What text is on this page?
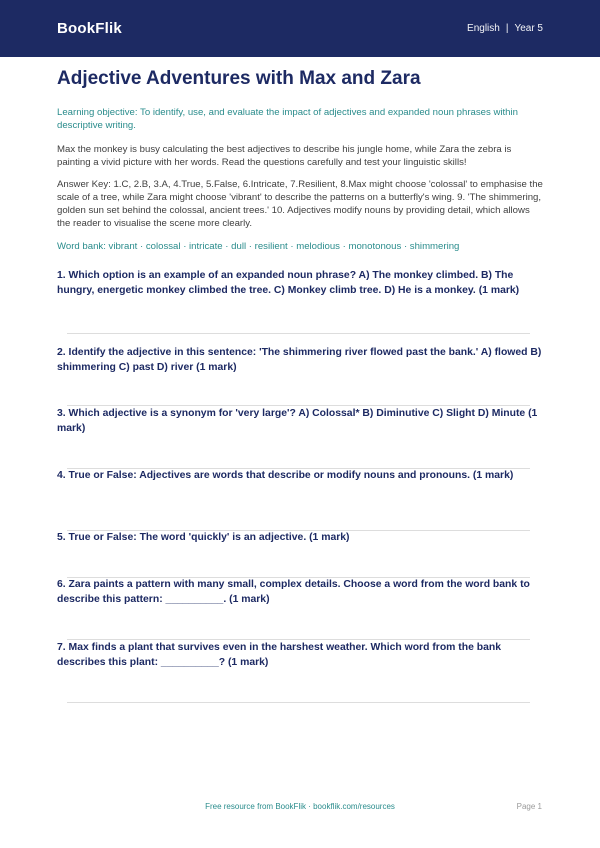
BookFlik	English | Year 5
Adjective Adventures with Max and Zara
Learning objective: To identify, use, and evaluate the impact of adjectives and expanded noun phrases within descriptive writing.
Max the monkey is busy calculating the best adjectives to describe his jungle home, while Zara the zebra is painting a vivid picture with her words. Read the questions carefully and test your linguistic skills!
Answer Key: 1.C, 2.B, 3.A, 4.True, 5.False, 6.Intricate, 7.Resilient, 8.Max might choose 'colossal' to emphasise the scale of a tree, while Zara might choose 'vibrant' to describe the patterns on a butterfly's wing. 9. 'The shimmering, golden sun set behind the colossal, ancient trees.' 10. Adjectives modify nouns by providing detail, which allows the reader to visualise the scene more clearly.
Word bank: vibrant · colossal · intricate · dull · resilient · melodious · monotonous · shimmering
1. Which option is an example of an expanded noun phrase? A) The monkey climbed. B) The hungry, energetic monkey climbed the tree. C) Monkey climb tree. D) He is a monkey. (1 mark)
2. Identify the adjective in this sentence: 'The shimmering river flowed past the bank.' A) flowed B) shimmering C) past D) river (1 mark)
3. Which adjective is a synonym for 'very large'? A) Colossal* B) Diminutive C) Slight D) Minute (1 mark)
4. True or False: Adjectives are words that describe or modify nouns and pronouns. (1 mark)
5. True or False: The word 'quickly' is an adjective. (1 mark)
6. Zara paints a pattern with many small, complex details. Choose a word from the word bank to describe this pattern: __________. (1 mark)
7. Max finds a plant that survives even in the harshest weather. Which word from the bank describes this plant: __________? (1 mark)
Free resource from BookFlik · bookflik.com/resources	Page 1
